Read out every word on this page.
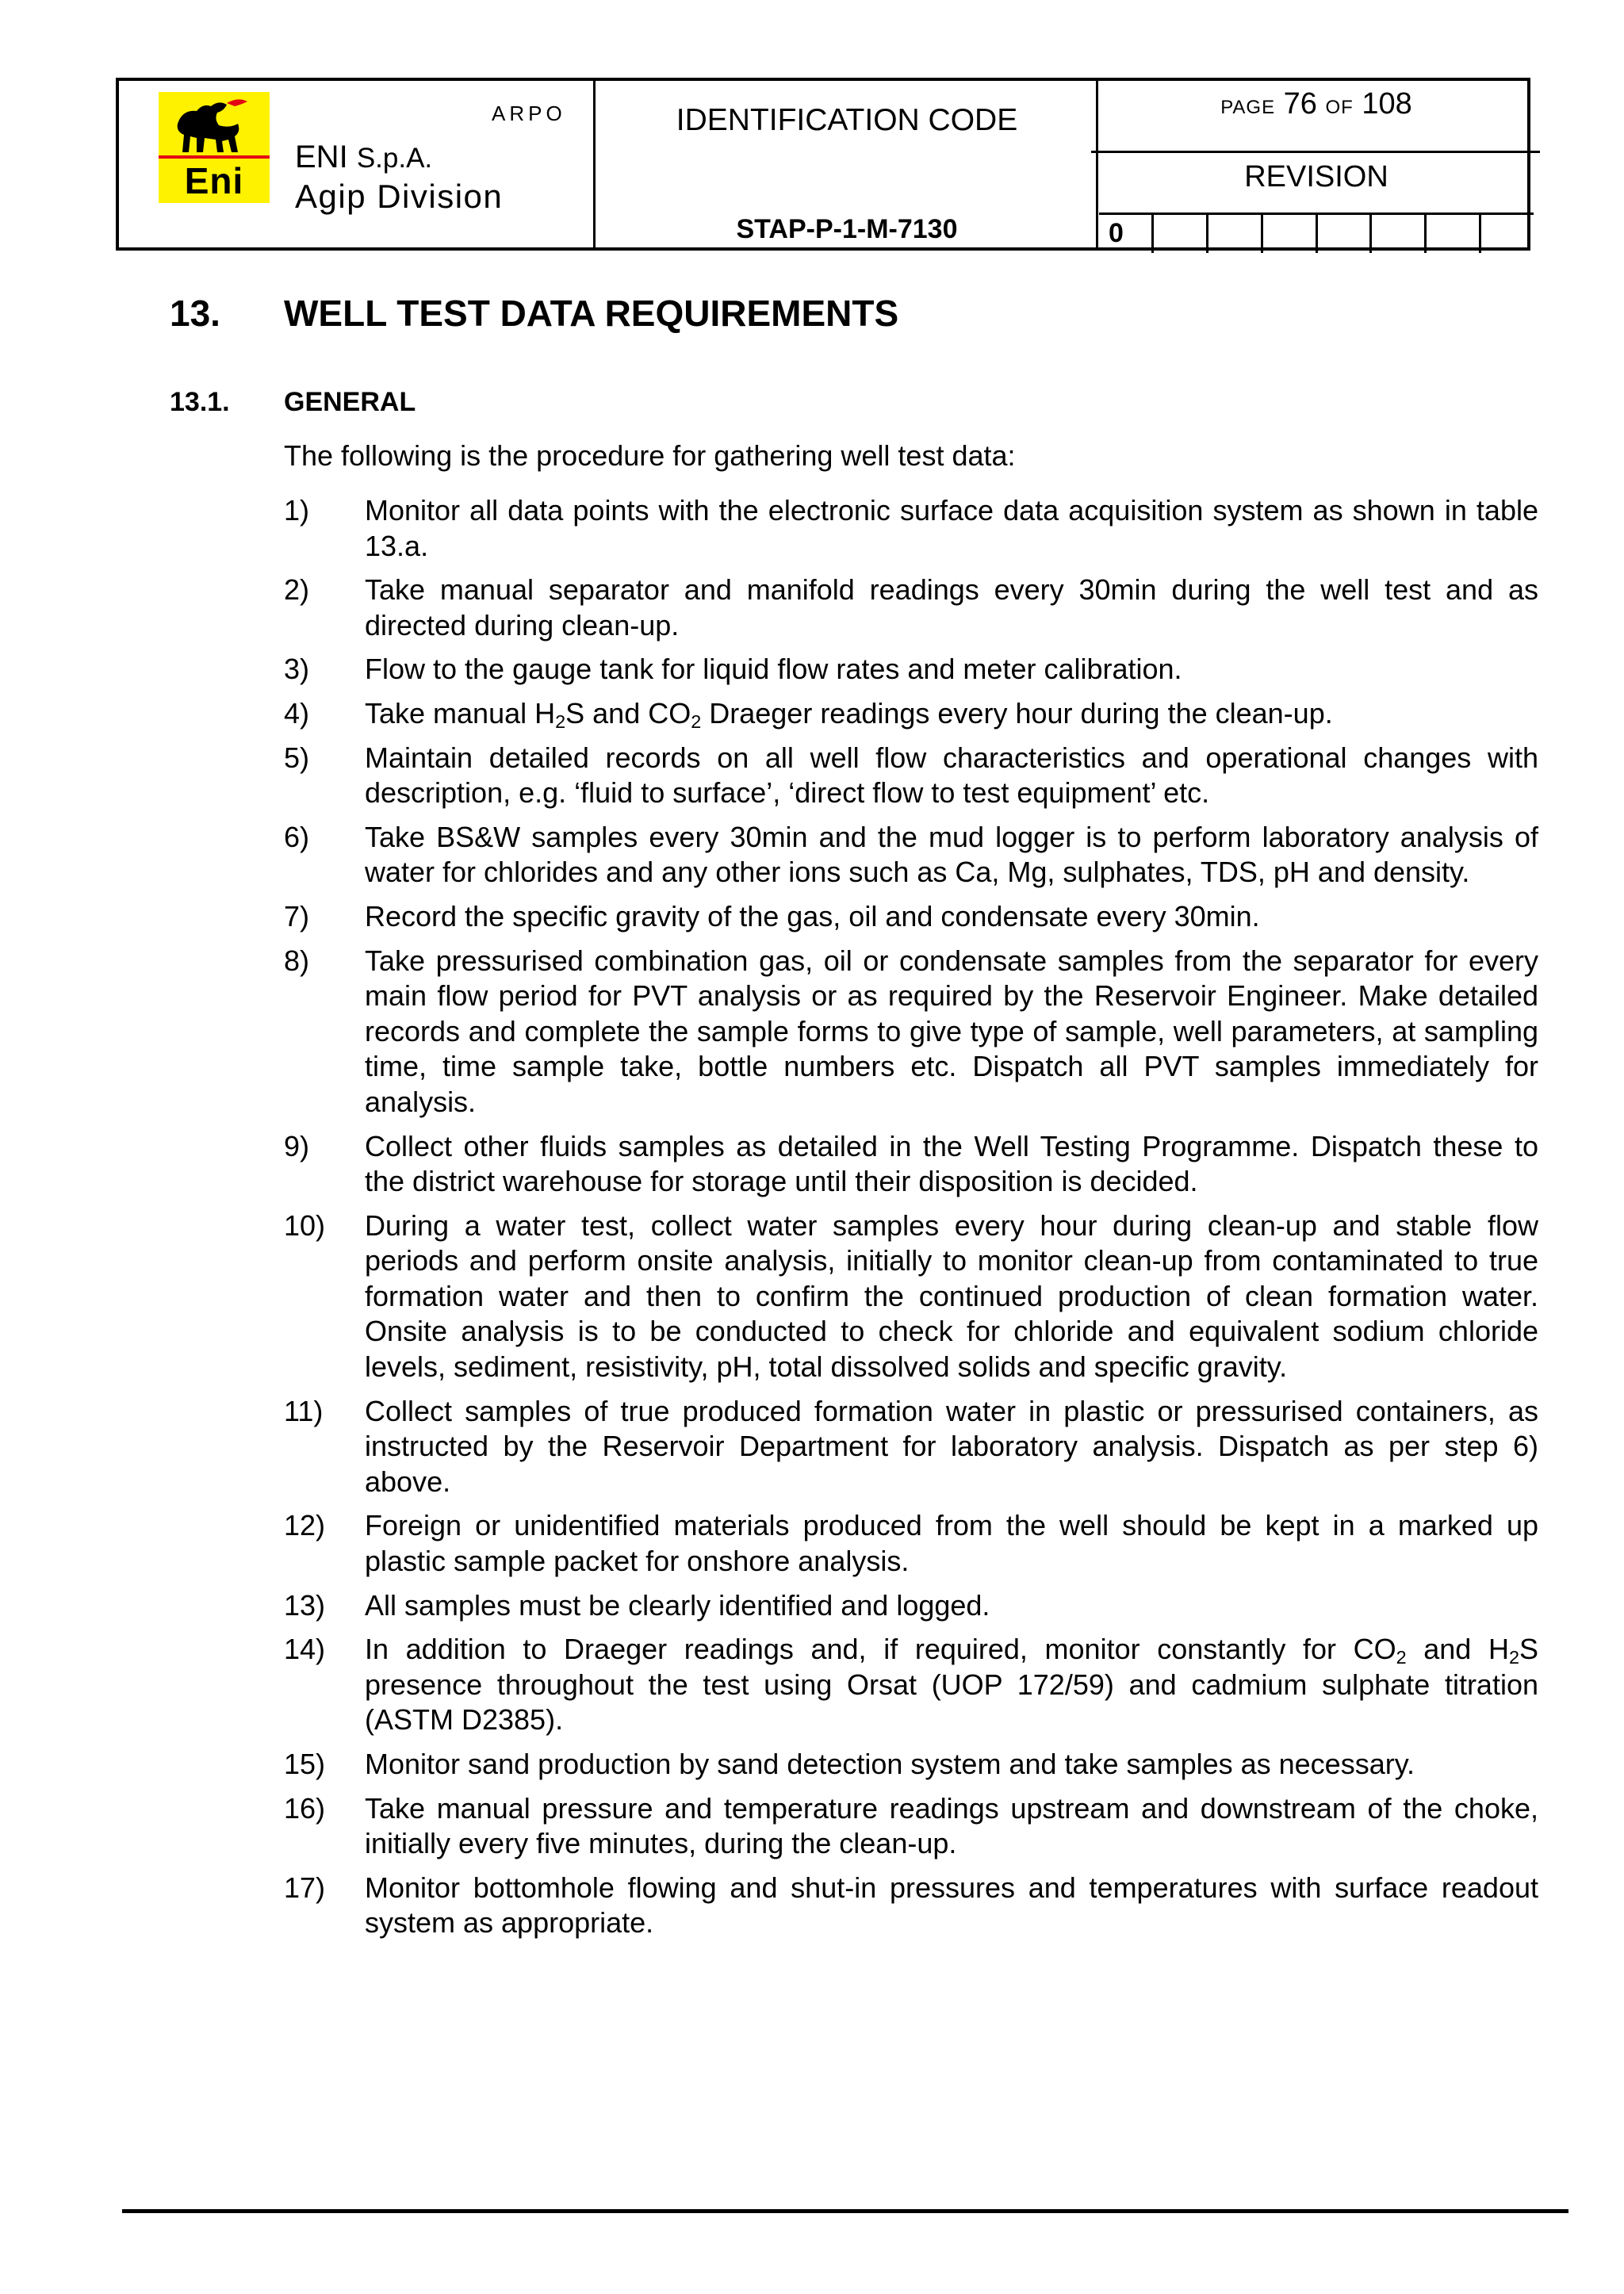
Eni
ARPO
ENI S.p.A.
Agip Division
IDENTIFICATION CODE
STAP-P-1-M-7130
PAGE 76 OF 108
REVISION
0
13. WELL TEST DATA REQUIREMENTS
13.1. GENERAL
The following is the procedure for gathering well test data:
1)	Monitor all data points with the electronic surface data acquisition system as shown in table 13.a.
2)	Take manual separator and manifold readings every 30min during the well test and as directed during clean-up.
3)	Flow to the gauge tank for liquid flow rates and meter calibration.
4)	Take manual $H_2S$ and $CO_2$ Draeger readings every hour during the clean-up.
5)	Maintain detailed records on all well flow characteristics and operational changes with description, e.g. ‘fluid to surface’, ‘direct flow to test equipment’ etc.
6)	Take BS&W samples every 30min and the mud logger is to perform laboratory analysis of water for chlorides and any other ions such as Ca, Mg, sulphates, TDS, pH and density.
7)	Record the specific gravity of the gas, oil and condensate every 30min.
8)	Take pressurised combination gas, oil or condensate samples from the separator for every main flow period for PVT analysis or as required by the Reservoir Engineer. Make detailed records and complete the sample forms to give type of sample, well parameters, at sampling time, time sample take, bottle numbers etc. Dispatch all PVT samples immediately for analysis.
9)	Collect other fluids samples as detailed in the Well Testing Programme. Dispatch these to the district warehouse for storage until their disposition is decided.
10)	During a water test, collect water samples every hour during clean-up and stable flow periods and perform onsite analysis, initially to monitor clean-up from contaminated to true formation water and then to confirm the continued production of clean formation water. Onsite analysis is to be conducted to check for chloride and equivalent sodium chloride levels, sediment, resistivity, pH, total dissolved solids and specific gravity.
11)	Collect samples of true produced formation water in plastic or pressurised containers, as instructed by the Reservoir Department for laboratory analysis. Dispatch as per step 6) above.
12)	Foreign or unidentified materials produced from the well should be kept in a marked up plastic sample packet for onshore analysis.
13)	All samples must be clearly identified and logged.
14)	In addition to Draeger readings and, if required, monitor constantly for $CO_2$ and $H_2S$ presence throughout the test using Orsat (UOP 172/59) and cadmium sulphate titration (ASTM D2385).
15)	Monitor sand production by sand detection system and take samples as necessary.
16)	Take manual pressure and temperature readings upstream and downstream of the choke, initially every five minutes, during the clean-up.
17)	Monitor bottomhole flowing and shut-in pressures and temperatures with surface readout system as appropriate.
